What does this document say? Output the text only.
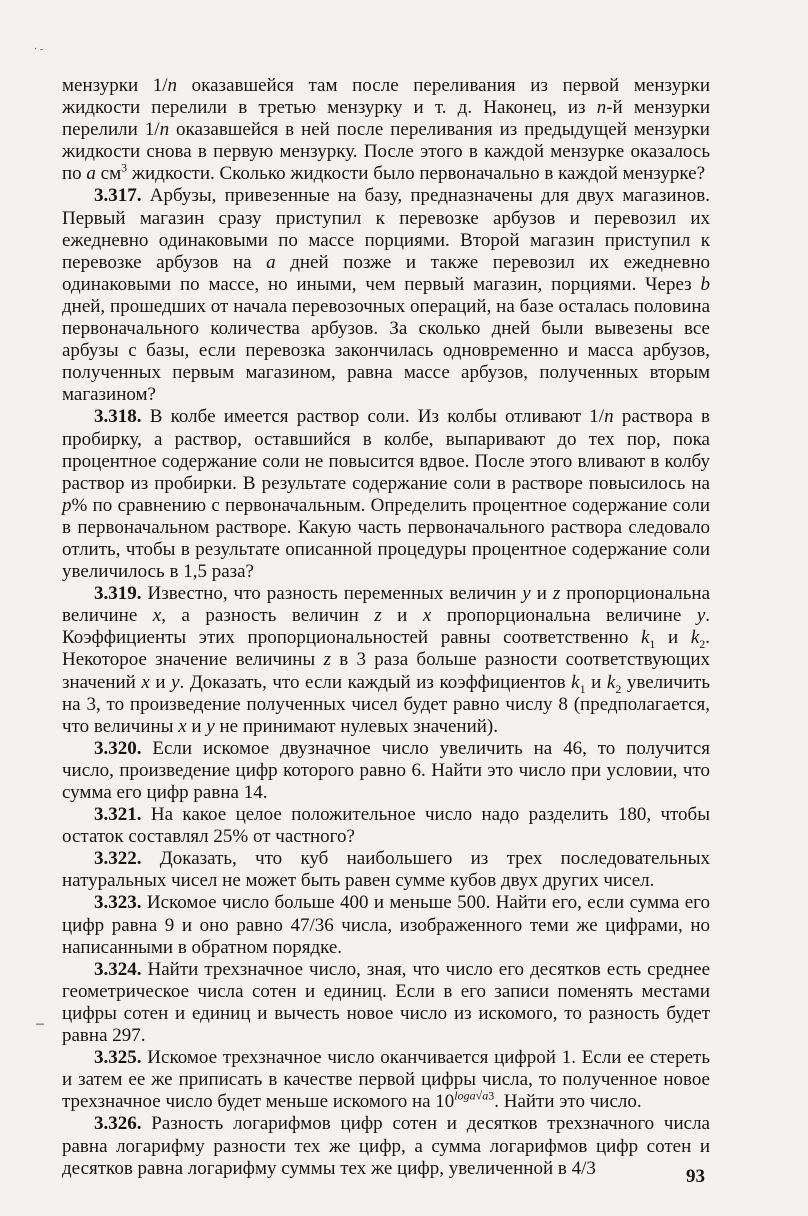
· -
–

мензурки 1/n оказавшейся там после переливания из первой мензурки жидкости перелили в третью мензурку и т. д. Наконец, из n-й мензурки перелили 1/n оказавшейся в ней после переливания из предыдущей мензурки жидкости снова в первую мензурку. После этого в каждой мензурке оказалось по a $см^3$ жидкости. Сколько жидкости было первоначально в каждой мензурке?

3.317. Арбузы, привезенные на базу, предназначены для двух магазинов. Первый магазин сразу приступил к перевозке арбузов и перевозил их ежедневно одинаковыми по массе порциями. Второй магазин приступил к перевозке арбузов на a дней позже и также перевозил их ежедневно одинаковыми по массе, но иными, чем первый магазин, порциями. Через b дней, прошедших от начала перевозочных операций, на базе осталась половина первоначального количества арбузов. За сколько дней были вывезены все арбузы с базы, если перевозка закончилась одновременно и масса арбузов, полученных первым магазином, равна массе арбузов, полученных вторым магазином?

3.318. В колбе имеется раствор соли. Из колбы отливают 1/n раствора в пробирку, а раствор, оставшийся в колбе, выпаривают до тех пор, пока процентное содержание соли не повысится вдвое. После этого вливают в колбу раствор из пробирки. В результате содержание соли в растворе повысилось на p% по сравнению с первоначальным. Определить процентное содержание соли в первоначальном растворе. Какую часть первоначального раствора следовало отлить, чтобы в результате описанной процедуры процентное содержание соли увеличилось в 1,5 раза?

3.319. Известно, что разность переменных величин y и z пропорциональна величине x, а разность величин z и x пропорциональна величине y. Коэффициенты этих пропорциональностей равны соответственно $k_1$ и $k_2$. Некоторое значение величины z в 3 раза больше разности соответствующих значений x и y. Доказать, что если каждый из коэффициентов $k_1$ и $k_2$ увеличить на 3, то произведение полученных чисел будет равно числу 8 (предполагается, что величины x и y не принимают нулевых значений).

3.320. Если искомое двузначное число увеличить на 46, то получится число, произведение цифр которого равно 6. Найти это число при условии, что сумма его цифр равна 14.

3.321. На какое целое положительное число надо разделить 180, чтобы остаток составлял 25% от частного?

3.322. Доказать, что куб наибольшего из трех последовательных натуральных чисел не может быть равен сумме кубов двух других чисел.

3.323. Искомое число больше 400 и меньше 500. Найти его, если сумма его цифр равна 9 и оно равно 47/36 числа, изображенного теми же цифрами, но написанными в обратном порядке.

3.324. Найти трехзначное число, зная, что число его десятков есть среднее геометрическое числа сотен и единиц. Если в его записи поменять местами цифры сотен и единиц и вычесть новое число из искомого, то разность будет равна 297.

3.325. Искомое трехзначное число оканчивается цифрой 1. Если ее стереть и затем ее же приписать в качестве первой цифры числа, то полученное новое трехзначное число будет меньше искомого на $10^{loga√a3}$. Найти это число.

3.326. Разность логарифмов цифр сотен и десятков трехзначного числа равна логарифму разности тех же цифр, а сумма логарифмов цифр сотен и десятков равна логарифму суммы тех же цифр, увеличенной в 4/3	93
